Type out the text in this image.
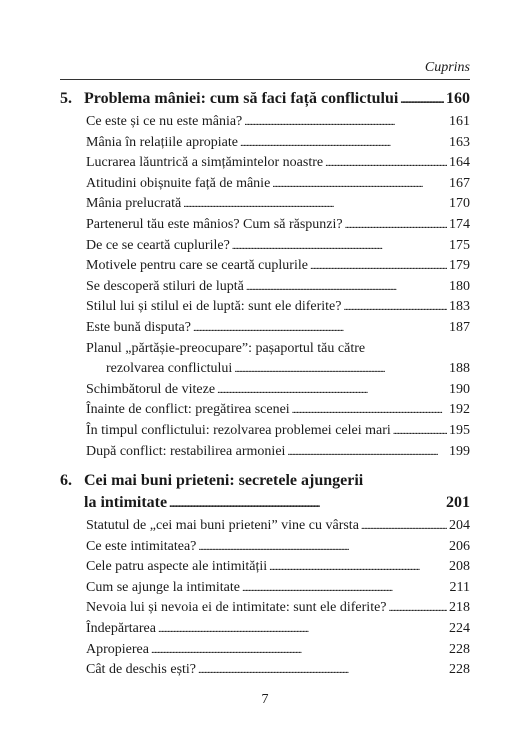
Cuprins
5. Problema mâniei: cum să faci față conflictului . . .	160
Ce este și ce nu este mânia? . . .	161
Mânia în relațiile apropiate . . .	163
Lucrarea lăuntrică a simțămintelor noastre . . .	164
Atitudini obișnuite față de mânie . . .	167
Mânia prelucrată . . .	170
Partenerul tău este mânios? Cum să răspunzi? . . .	174
De ce se ceartă cuplurile? . . .	175
Motivele pentru care se ceartă cuplurile . . .	179
Se descoperă stiluri de luptă . . .	180
Stilul lui și stilul ei de luptă: sunt ele diferite? . . .	183
Este bună disputa? . . .	187
Planul „părtășie-preocupare”: pașaportul tău către
rezolvarea conflictului . . .	188
Schimbătorul de viteze . . .	190
Înainte de conflict: pregătirea scenei . . .	192
În timpul conflictului: rezolvarea problemei celei mari . . .	195
După conflict: restabilirea armoniei . . .	199
6. Cei mai buni prieteni: secretele ajungerii
la intimitate . . .	201
Statutul de „cei mai buni prieteni” vine cu vârsta . . .	204
Ce este intimitatea? . . .	206
Cele patru aspecte ale intimității . . .	208
Cum se ajunge la intimitate . . .	211
Nevoia lui și nevoia ei de intimitate: sunt ele diferite? . . .	218
Îndepărtarea . . .	224
Apropierea . . .	228
Cât de deschis ești? . . .	228
7
